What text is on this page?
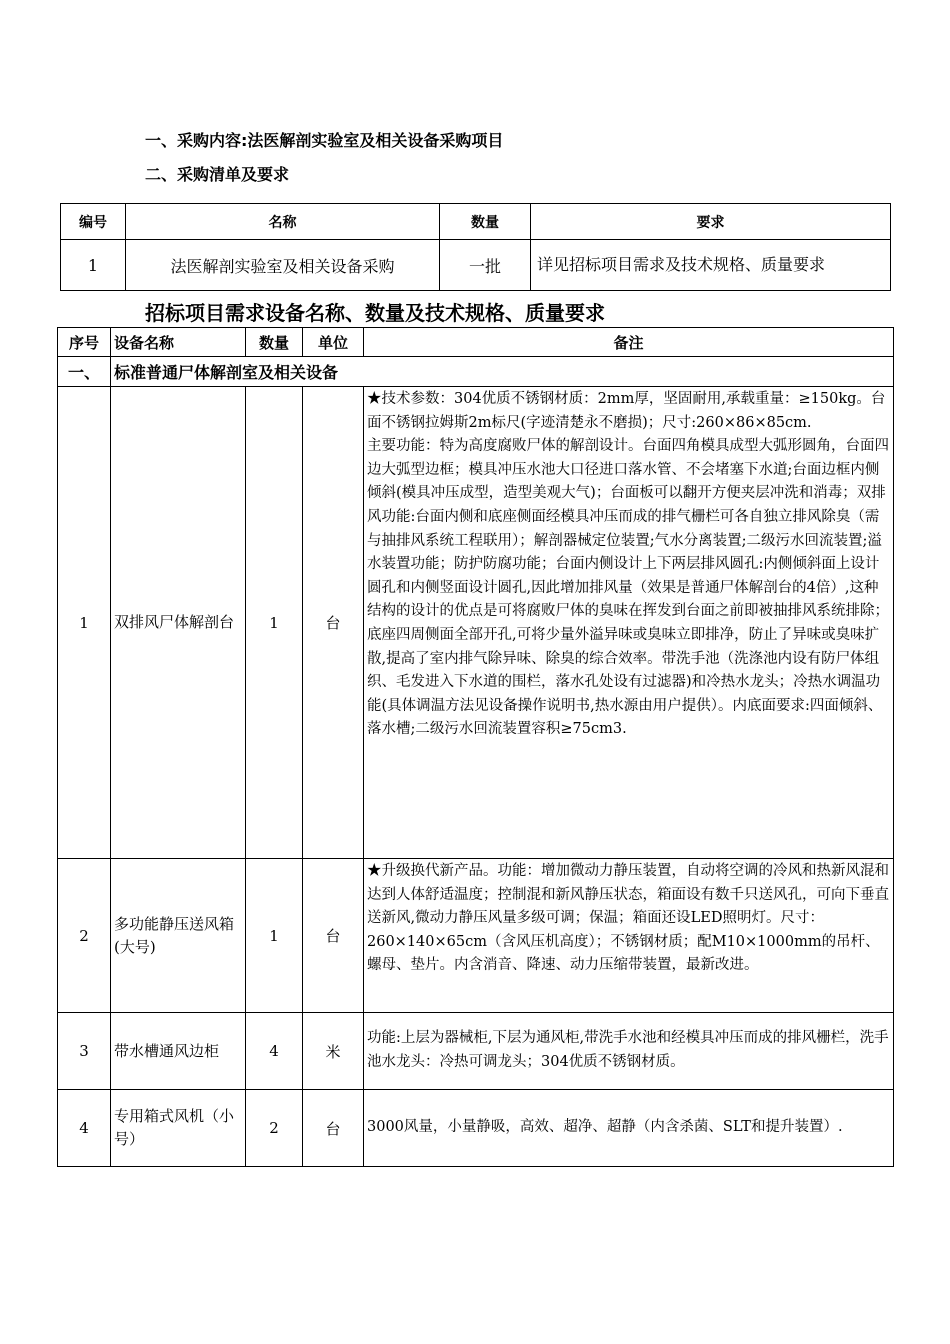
一、采购内容:法医解剖实验室及相关设备采购项目
二、采购清单及要求
编号	名称	数量	要求
1	法医解剖实验室及相关设备采购	一批	详见招标项目需求及技术规格、质量要求
招标项目需求设备名称、数量及技术规格、质量要求
序号	设备名称	数量	单位	备注
一、	标准普通尸体解剖室及相关设备			
1	双排风尸体解剖台	1	台	★技术参数：304优质不锈钢材质：2mm厚，坚固耐用,承载重量：≥150kg。台面不锈钢拉姆斯2m标尺(字迹清楚永不磨损)；尺寸:260×86×85cm.
主要功能：特为高度腐败尸体的解剖设计。台面四角模具成型大弧形圆角，台面四边大弧型边框；模具冲压水池大口径进口落水管、不会堵塞下水道;台面边框内侧倾斜(模具冲压成型，造型美观大气)；台面板可以翻开方便夹层冲洗和消毒；双排风功能:台面内侧和底座侧面经模具冲压而成的排气栅栏可各自独立排风除臭（需与抽排风系统工程联用）；解剖器械定位装置;气水分离装置;二级污水回流装置;溢水装置功能；防护防腐功能；台面内侧设计上下两层排风圆孔:内侧倾斜面上设计圆孔和内侧竖面设计圆孔,因此增加排风量（效果是普通尸体解剖台的4倍）,这种结构的设计的优点是可将腐败尸体的臭味在挥发到台面之前即被抽排风系统排除；底座四周侧面全部开孔,可将少量外溢异味或臭味立即排净，防止了异味或臭味扩散,提高了室内排气除异味、除臭的综合效率。带洗手池（洗涤池内设有防尸体组织、毛发进入下水道的围栏，落水孔处设有过滤器)和冷热水龙头；冷热水调温功能(具体调温方法见设备操作说明书,热水源由用户提供）。内底面要求:四面倾斜、落水槽;二级污水回流装置容积≥75cm3.
2	多功能静压送风箱(大号)	1	台	★升级换代新产品。功能：增加微动力静压装置，自动将空调的冷风和热新风混和达到人体舒适温度；控制混和新风静压状态，箱面设有数千只送风孔，可向下垂直送新风,微动力静压风量多级可调；保温；箱面还设LED照明灯。尺寸：260×140×65cm（含风压机高度）；不锈钢材质；配M10×1000mm的吊杆、螺母、垫片。内含消音、降速、动力压缩带装置，最新改进。
3	带水槽通风边柜	4	米	功能:上层为器械柜,下层为通风柜,带洗手水池和经模具冲压而成的排风栅栏，洗手池水龙头：冷热可调龙头；304优质不锈钢材质。
4	专用箱式风机（小号）	2	台	3000风量，小量静吸，高效、超净、超静（内含杀菌、SLT和提升装置）.
